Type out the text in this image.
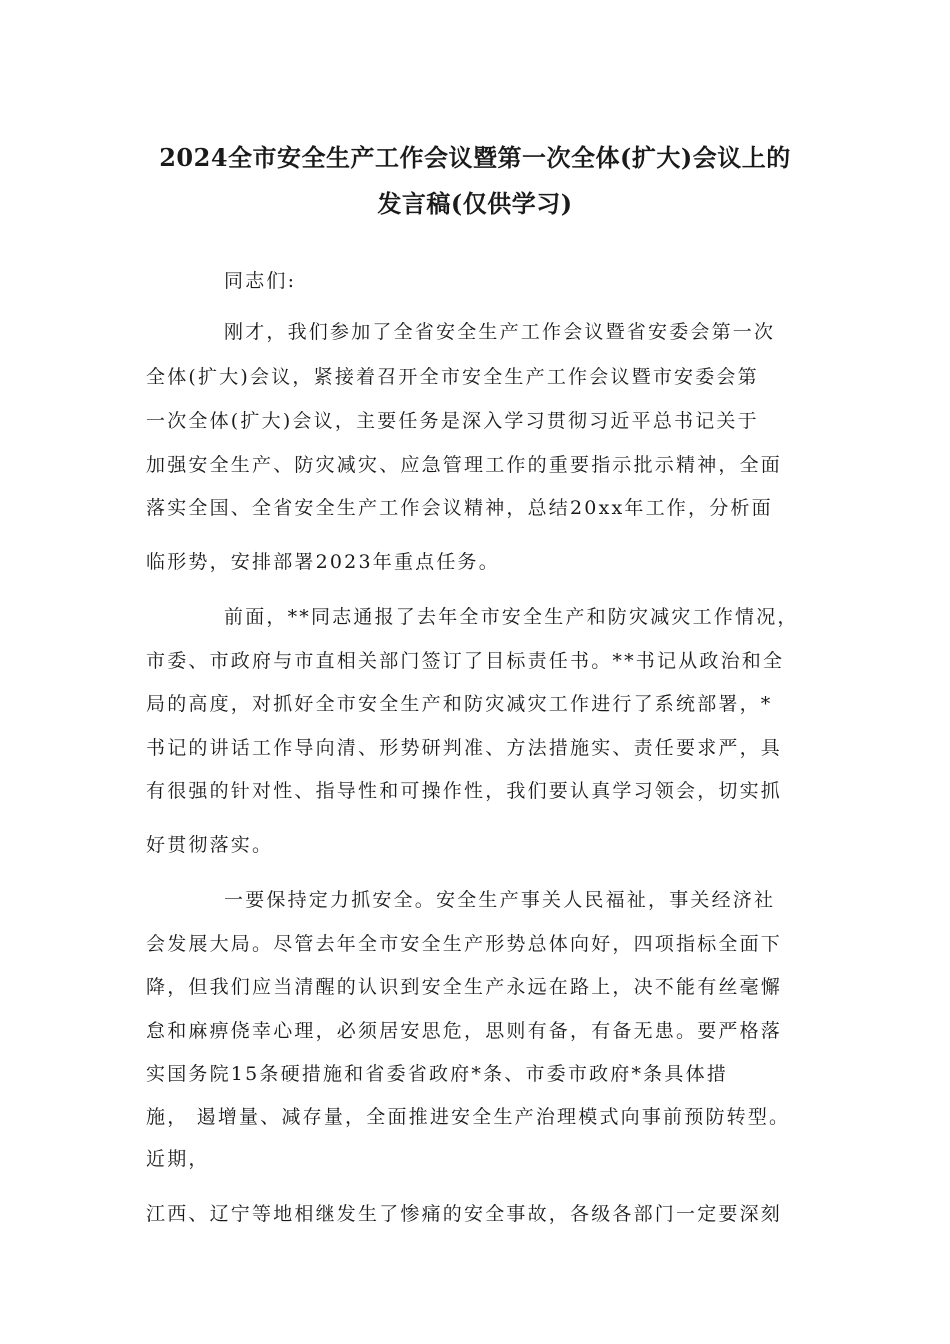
2024全市安全生产工作会议暨第一次全体(扩大)会议上的
发言稿(仅供学习)
同志们:
刚才，我们参加了全省安全生产工作会议暨省安委会第一次
全体(扩大)会议，紧接着召开全市安全生产工作会议暨市安委会第
一次全体(扩大)会议，主要任务是深入学习贯彻习近平总书记关于
加强安全生产、防灾减灾、应急管理工作的重要指示批示精神，全面
落实全国、全省安全生产工作会议精神，总结20xx年工作，分析面
临形势，安排部署2023年重点任务。
前面，**同志通报了去年全市安全生产和防灾减灾工作情况，
市委、市政府与市直相关部门签订了目标责任书。**书记从政治和全
局的高度，对抓好全市安全生产和防灾减灾工作进行了系统部署，*
书记的讲话工作导向清、形势研判准、方法措施实、责任要求严，具
有很强的针对性、指导性和可操作性，我们要认真学习领会，切实抓
好贯彻落实。
一要保持定力抓安全。安全生产事关人民福祉，事关经济社
会发展大局。尽管去年全市安全生产形势总体向好，四项指标全面下
降，但我们应当清醒的认识到安全生产永远在路上，决不能有丝毫懈
怠和麻痹侥幸心理，必须居安思危，思则有备，有备无患。要严格落
实国务院15条硬措施和省委省政府*条、市委市政府*条具体措
施， 遏增量、减存量，全面推进安全生产治理模式向事前预防转型。
近期，
江西、辽宁等地相继发生了惨痛的安全事故，各级各部门一定要深刻
